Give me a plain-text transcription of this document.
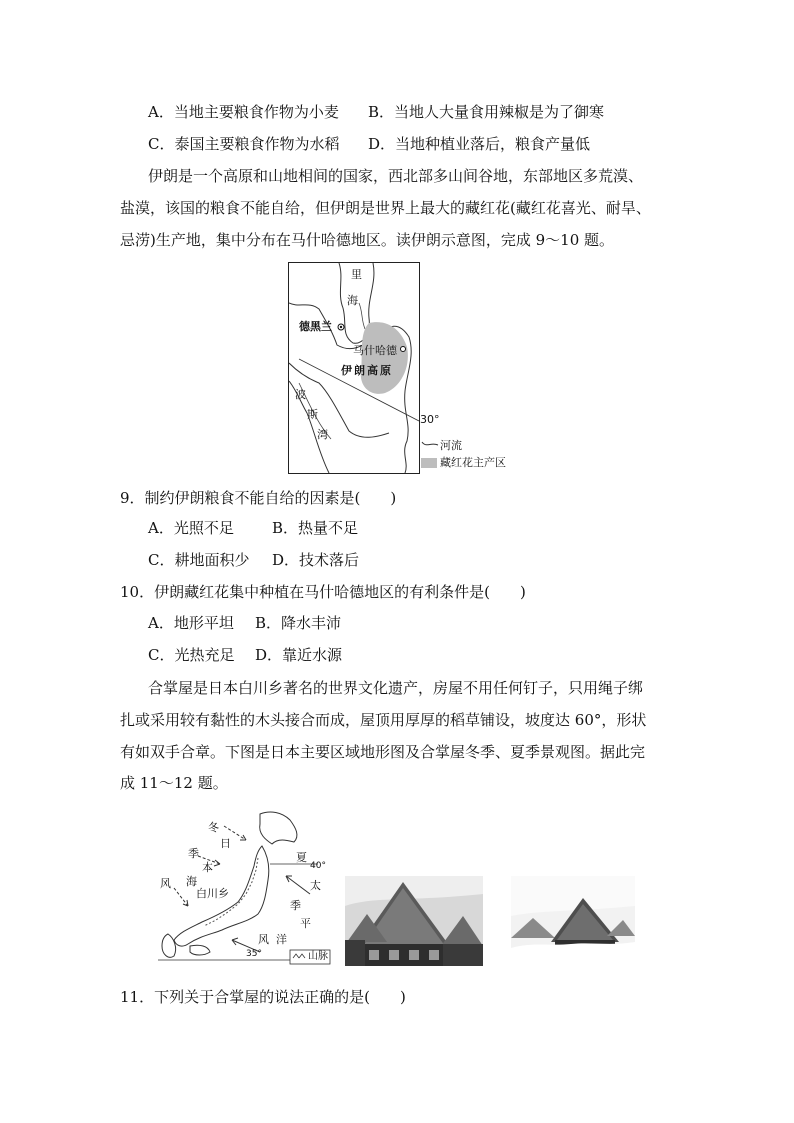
A．当地主要粮食作物为小麦 B．当地人大量食用辣椒是为了御寒
C．泰国主要粮食作物为水稻 D．当地种植业落后，粮食产量低
伊朗是一个高原和山地相间的国家，西北部多山间谷地，东部地区多荒漠、
盐漠，该国的粮食不能自给，但伊朗是世界上最大的藏红花(藏红花喜光、耐旱、
忌涝)生产地，集中分布在马什哈德地区。读伊朗示意图，完成 9～10 题。
里
海
德黑兰
马什哈德
伊朗高原
波
斯
湾
30°
河流
藏红花主产区
9．制约伊朗粮食不能自给的因素是(　　)
A．光照不足	B．热量不足
C．耕地面积少 D．技术落后
10．伊朗藏红花集中种植在马什哈德地区的有利条件是(　　)
A．地形平坦 B．降水丰沛
C．光热充足 D．靠近水源
合掌屋是日本白川乡著名的世界文化遗产，房屋不用任何钉子，只用绳子绑
扎或采用较有黏性的木头接合而成，屋顶用厚厚的稻草铺设，坡度达 60°，形状
有如双手合章。下图是日本主要区域地形图及合掌屋冬季、夏季景观图。据此完
成 11～12 题。
冬
日
季
本
风 海
白川乡
夏
40°
太
季
平
风 洋
35°	山脉
11．下列关于合掌屋的说法正确的是(　　)
